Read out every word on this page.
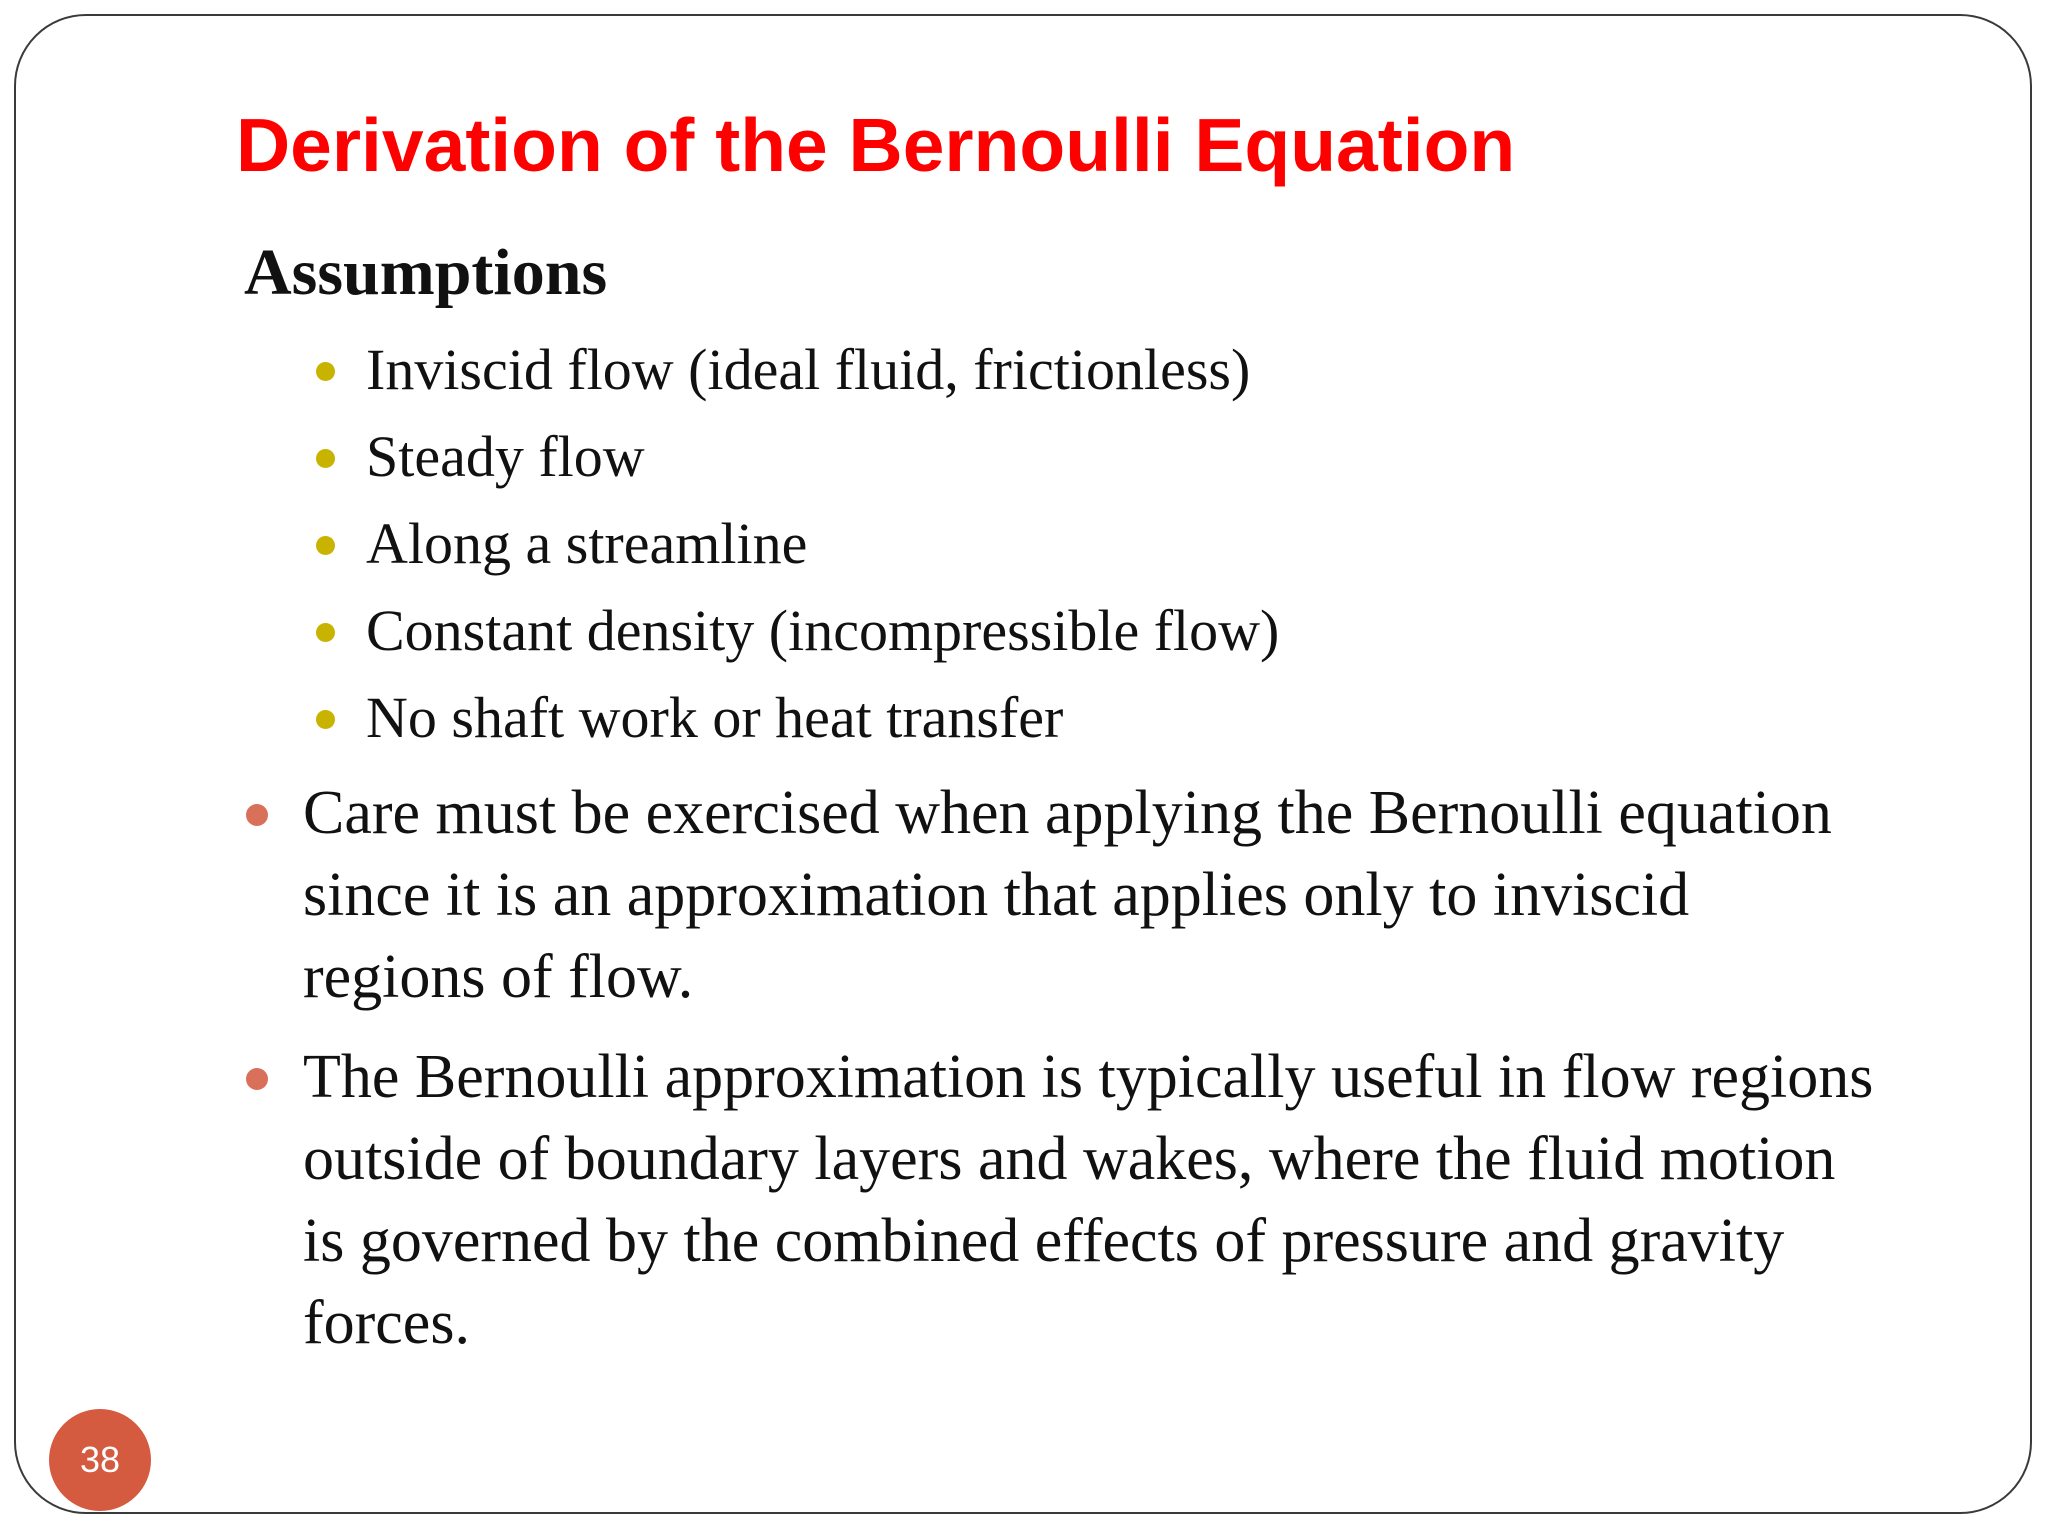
Derivation of the Bernoulli Equation
Assumptions
Inviscid flow (ideal fluid, frictionless)
Steady flow
Along a streamline
Constant density (incompressible flow)
No shaft work or heat transfer
Care must be exercised when applying the Bernoulli equation since it is an approximation that applies only to inviscid regions of flow.
The Bernoulli approximation is typically useful in flow regions outside of boundary layers and wakes, where the fluid motion is governed by the combined effects of pressure and gravity forces.
38
